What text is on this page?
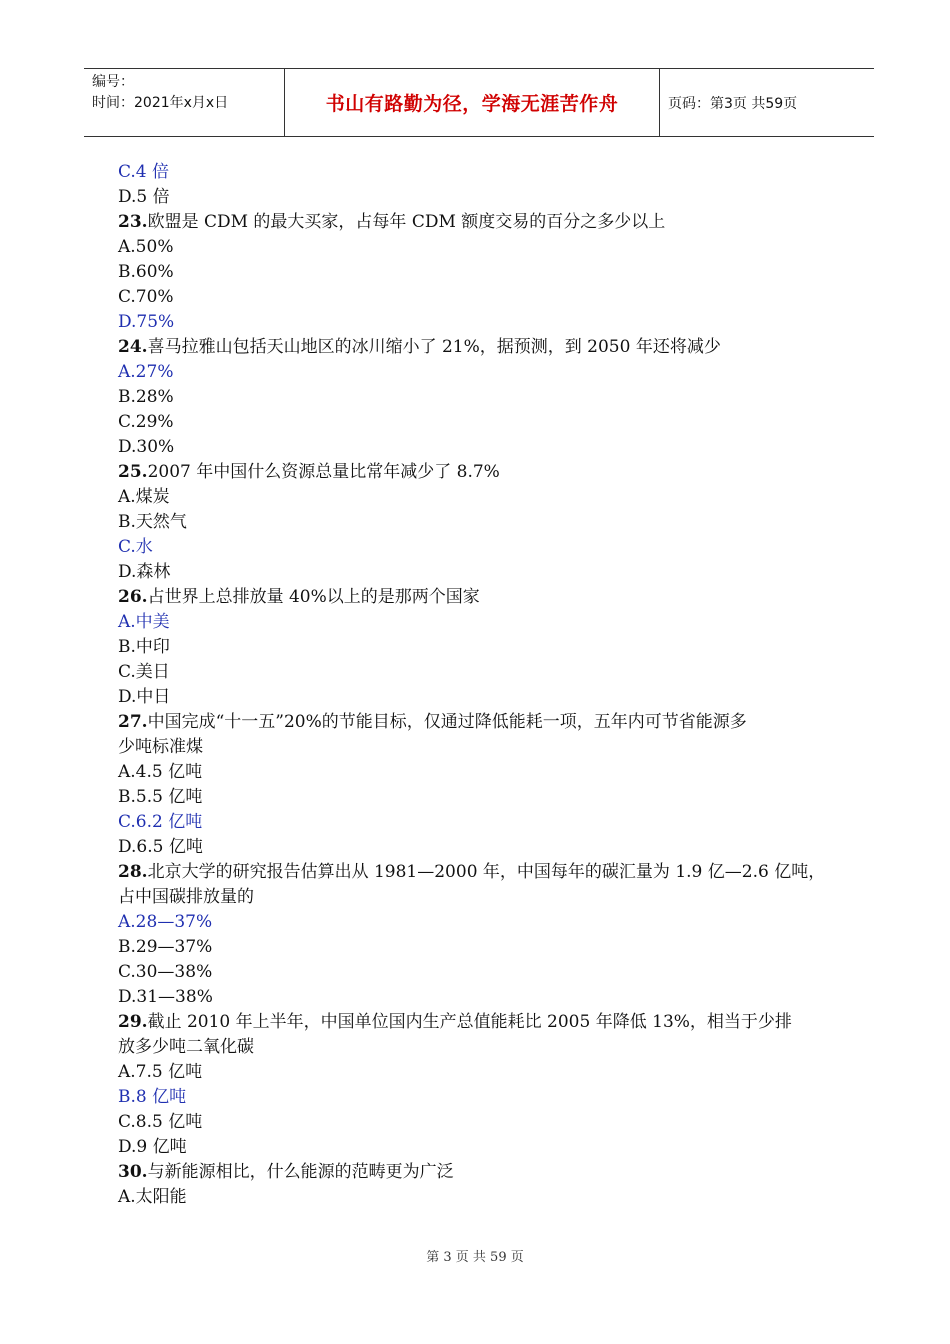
编号：
时间：2021年x月x日	书山有路勤为径，学海无涯苦作舟	页码：第3页 共59页
C.4 倍
D.5 倍
23.欧盟是 CDM 的最大买家，占每年 CDM 额度交易的百分之多少以上
A.50%
B.60%
C.70%
D.75%
24.喜马拉雅山包括天山地区的冰川缩小了 21%，据预测，到 2050 年还将减少
A.27%
B.28%
C.29%
D.30%
25.2007 年中国什么资源总量比常年减少了 8.7%
A.煤炭
B.天然气
C.水
D.森林
26.占世界上总排放量 40%以上的是那两个国家
A.中美
B.中印
C.美日
D.中日
27.中国完成“十一五”20%的节能目标，仅通过降低能耗一项，五年内可节省能源多
少吨标准煤
A.4.5 亿吨
B.5.5 亿吨
C.6.2 亿吨
D.6.5 亿吨
28.北京大学的研究报告估算出从 1981—2000 年，中国每年的碳汇量为 1.9 亿—2.6 亿吨，
占中国碳排放量的
A.28—37%
B.29—37%
C.30—38%
D.31—38%
29.截止 2010 年上半年，中国单位国内生产总值能耗比 2005 年降低 13%，相当于少排
放多少吨二氧化碳
A.7.5 亿吨
B.8 亿吨
C.8.5 亿吨
D.9 亿吨
30.与新能源相比，什么能源的范畴更为广泛
A.太阳能
第 3 页 共 59 页
